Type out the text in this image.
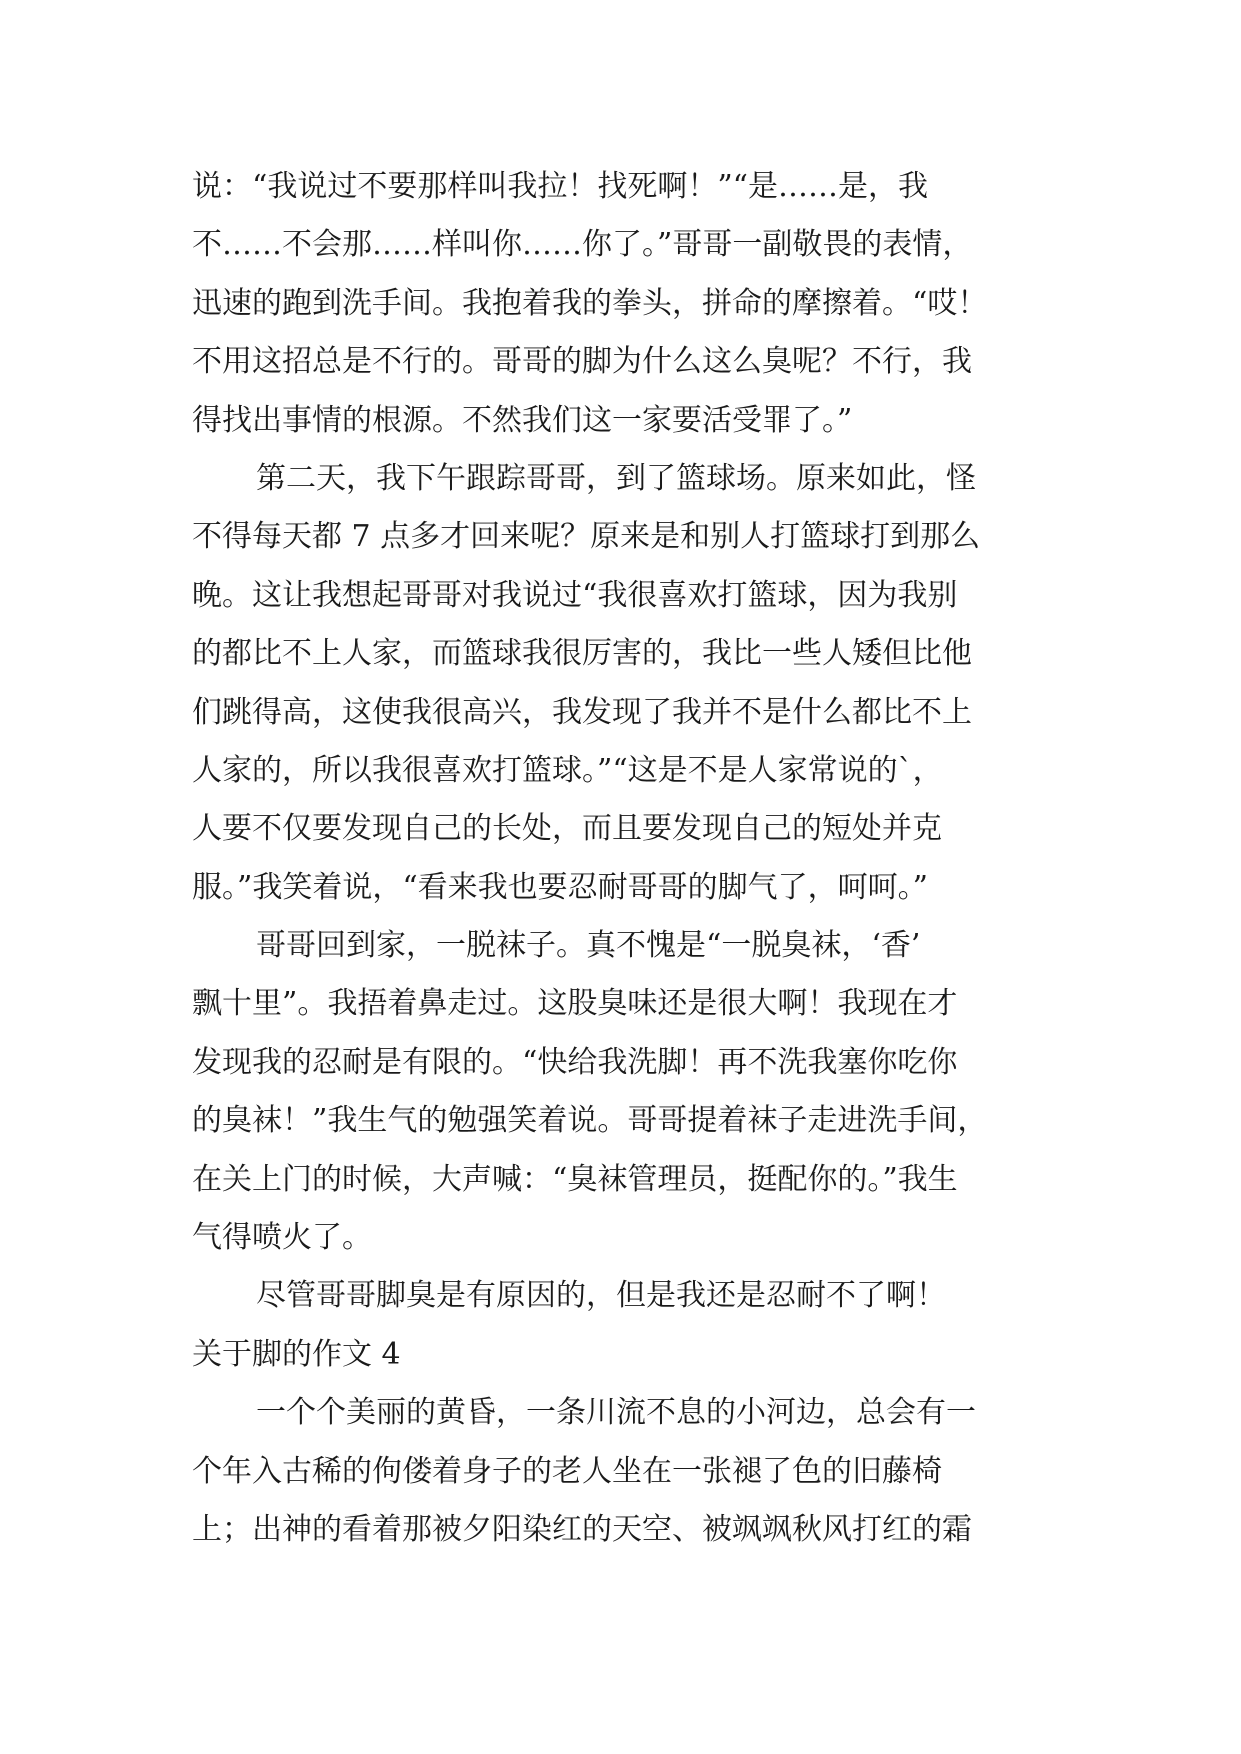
说：“我说过不要那样叫我拉！找死啊！”“是……是，我
不……不会那……样叫你……你了。”哥哥一副敬畏的表情，
迅速的跑到洗手间。我抱着我的拳头，拼命的摩擦着。“哎！
不用这招总是不行的。哥哥的脚为什么这么臭呢？不行，我
得找出事情的根源。不然我们这一家要活受罪了。”
第二天，我下午跟踪哥哥，到了篮球场。原来如此，怪
不得每天都 7 点多才回来呢？原来是和别人打篮球打到那么
晚。这让我想起哥哥对我说过“我很喜欢打篮球，因为我别
的都比不上人家，而篮球我很厉害的，我比一些人矮但比他
们跳得高，这使我很高兴，我发现了我并不是什么都比不上
人家的，所以我很喜欢打篮球。”“这是不是人家常说的`，
人要不仅要发现自己的长处，而且要发现自己的短处并克
服。”我笑着说，“看来我也要忍耐哥哥的脚气了，呵呵。”
哥哥回到家，一脱袜子。真不愧是“一脱臭袜，‘香’
飘十里”。我捂着鼻走过。这股臭味还是很大啊！我现在才
发现我的忍耐是有限的。“快给我洗脚！再不洗我塞你吃你
的臭袜！”我生气的勉强笑着说。哥哥提着袜子走进洗手间，
在关上门的时候，大声喊：“臭袜管理员，挺配你的。”我生
气得喷火了。
尽管哥哥脚臭是有原因的，但是我还是忍耐不了啊！
关于脚的作文 4
一个个美丽的黄昏，一条川流不息的小河边，总会有一
个年入古稀的佝偻着身子的老人坐在一张褪了色的旧藤椅
上；出神的看着那被夕阳染红的天空、被飒飒秋风打红的霜
